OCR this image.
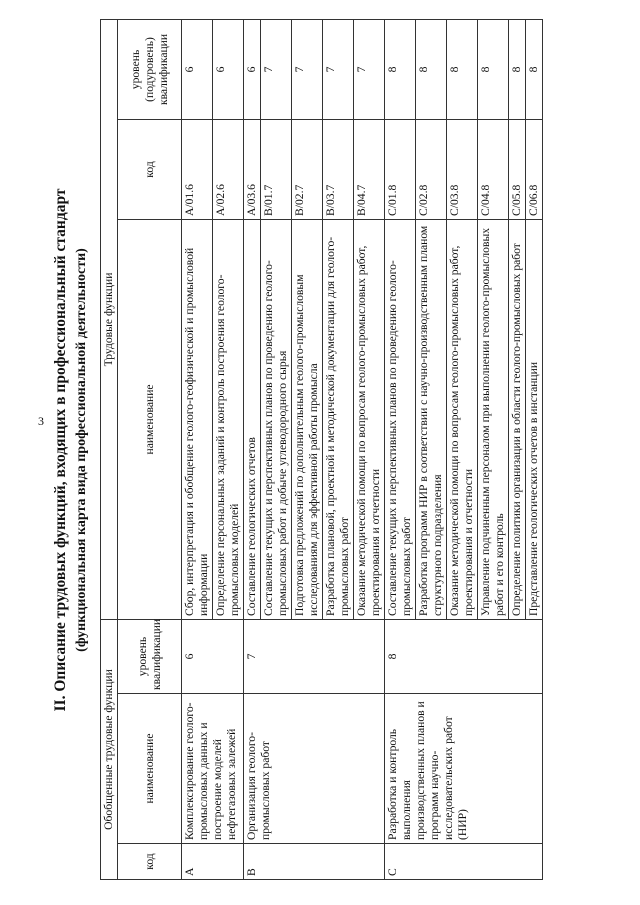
3 II. Описание трудовых функций, входящих в профессиональный стандарт (функциональная карта вида профессиональной деятельности)
Обобщенные трудовые функции			Трудовые функции		
код	наименование	уровень квалификации	наименование	код	уровень (подуровень) квалификации
А	Комплексирование геолого-промысловых данных и построение моделей нефтегазовых залежей	6	Сбор, интерпретация и обобщение геолого-геофизической и промысловой информации	A/01.6	6
			Определение персональных заданий и контроль построения геолого-промысловых моделей	A/02.6	6
В	Организация геолого-промысловых работ	7	Составление геологических отчетов	A/03.6	6
			Составление текущих и перспективных планов по проведению геолого-промысловых работ и добыче углеводородного сырья	B/01.7	7
			Подготовка предложений по дополнительным геолого-промысловым исследованиям для эффективной работы промысла	B/02.7	7
			Разработка плановой, проектной и методической документации для геолого-промысловых работ	B/03.7	7
			Оказание методической помощи по вопросам геолого-промысловых работ, проектирования и отчетности	B/04.7	7
С	Разработка и контроль выполнения производственных планов и программ научно-исследовательских работ (НИР)	8	Составление текущих и перспективных планов по проведению геолого-промысловых работ	C/01.8	8
			Разработка программ НИР в соответствии с научно-производственным планом структурного подразделения	C/02.8	8
			Оказание методической помощи по вопросам геолого-промысловых работ, проектирования и отчетности	C/03.8	8
			Управление подчиненным персоналом при выполнении геолого-промысловых работ и его контроль	C/04.8	8
			Определение политики организации в области геолого-промысловых работ	C/05.8	8
			Представление геологических отчетов в инстанции	C/06.8	8
